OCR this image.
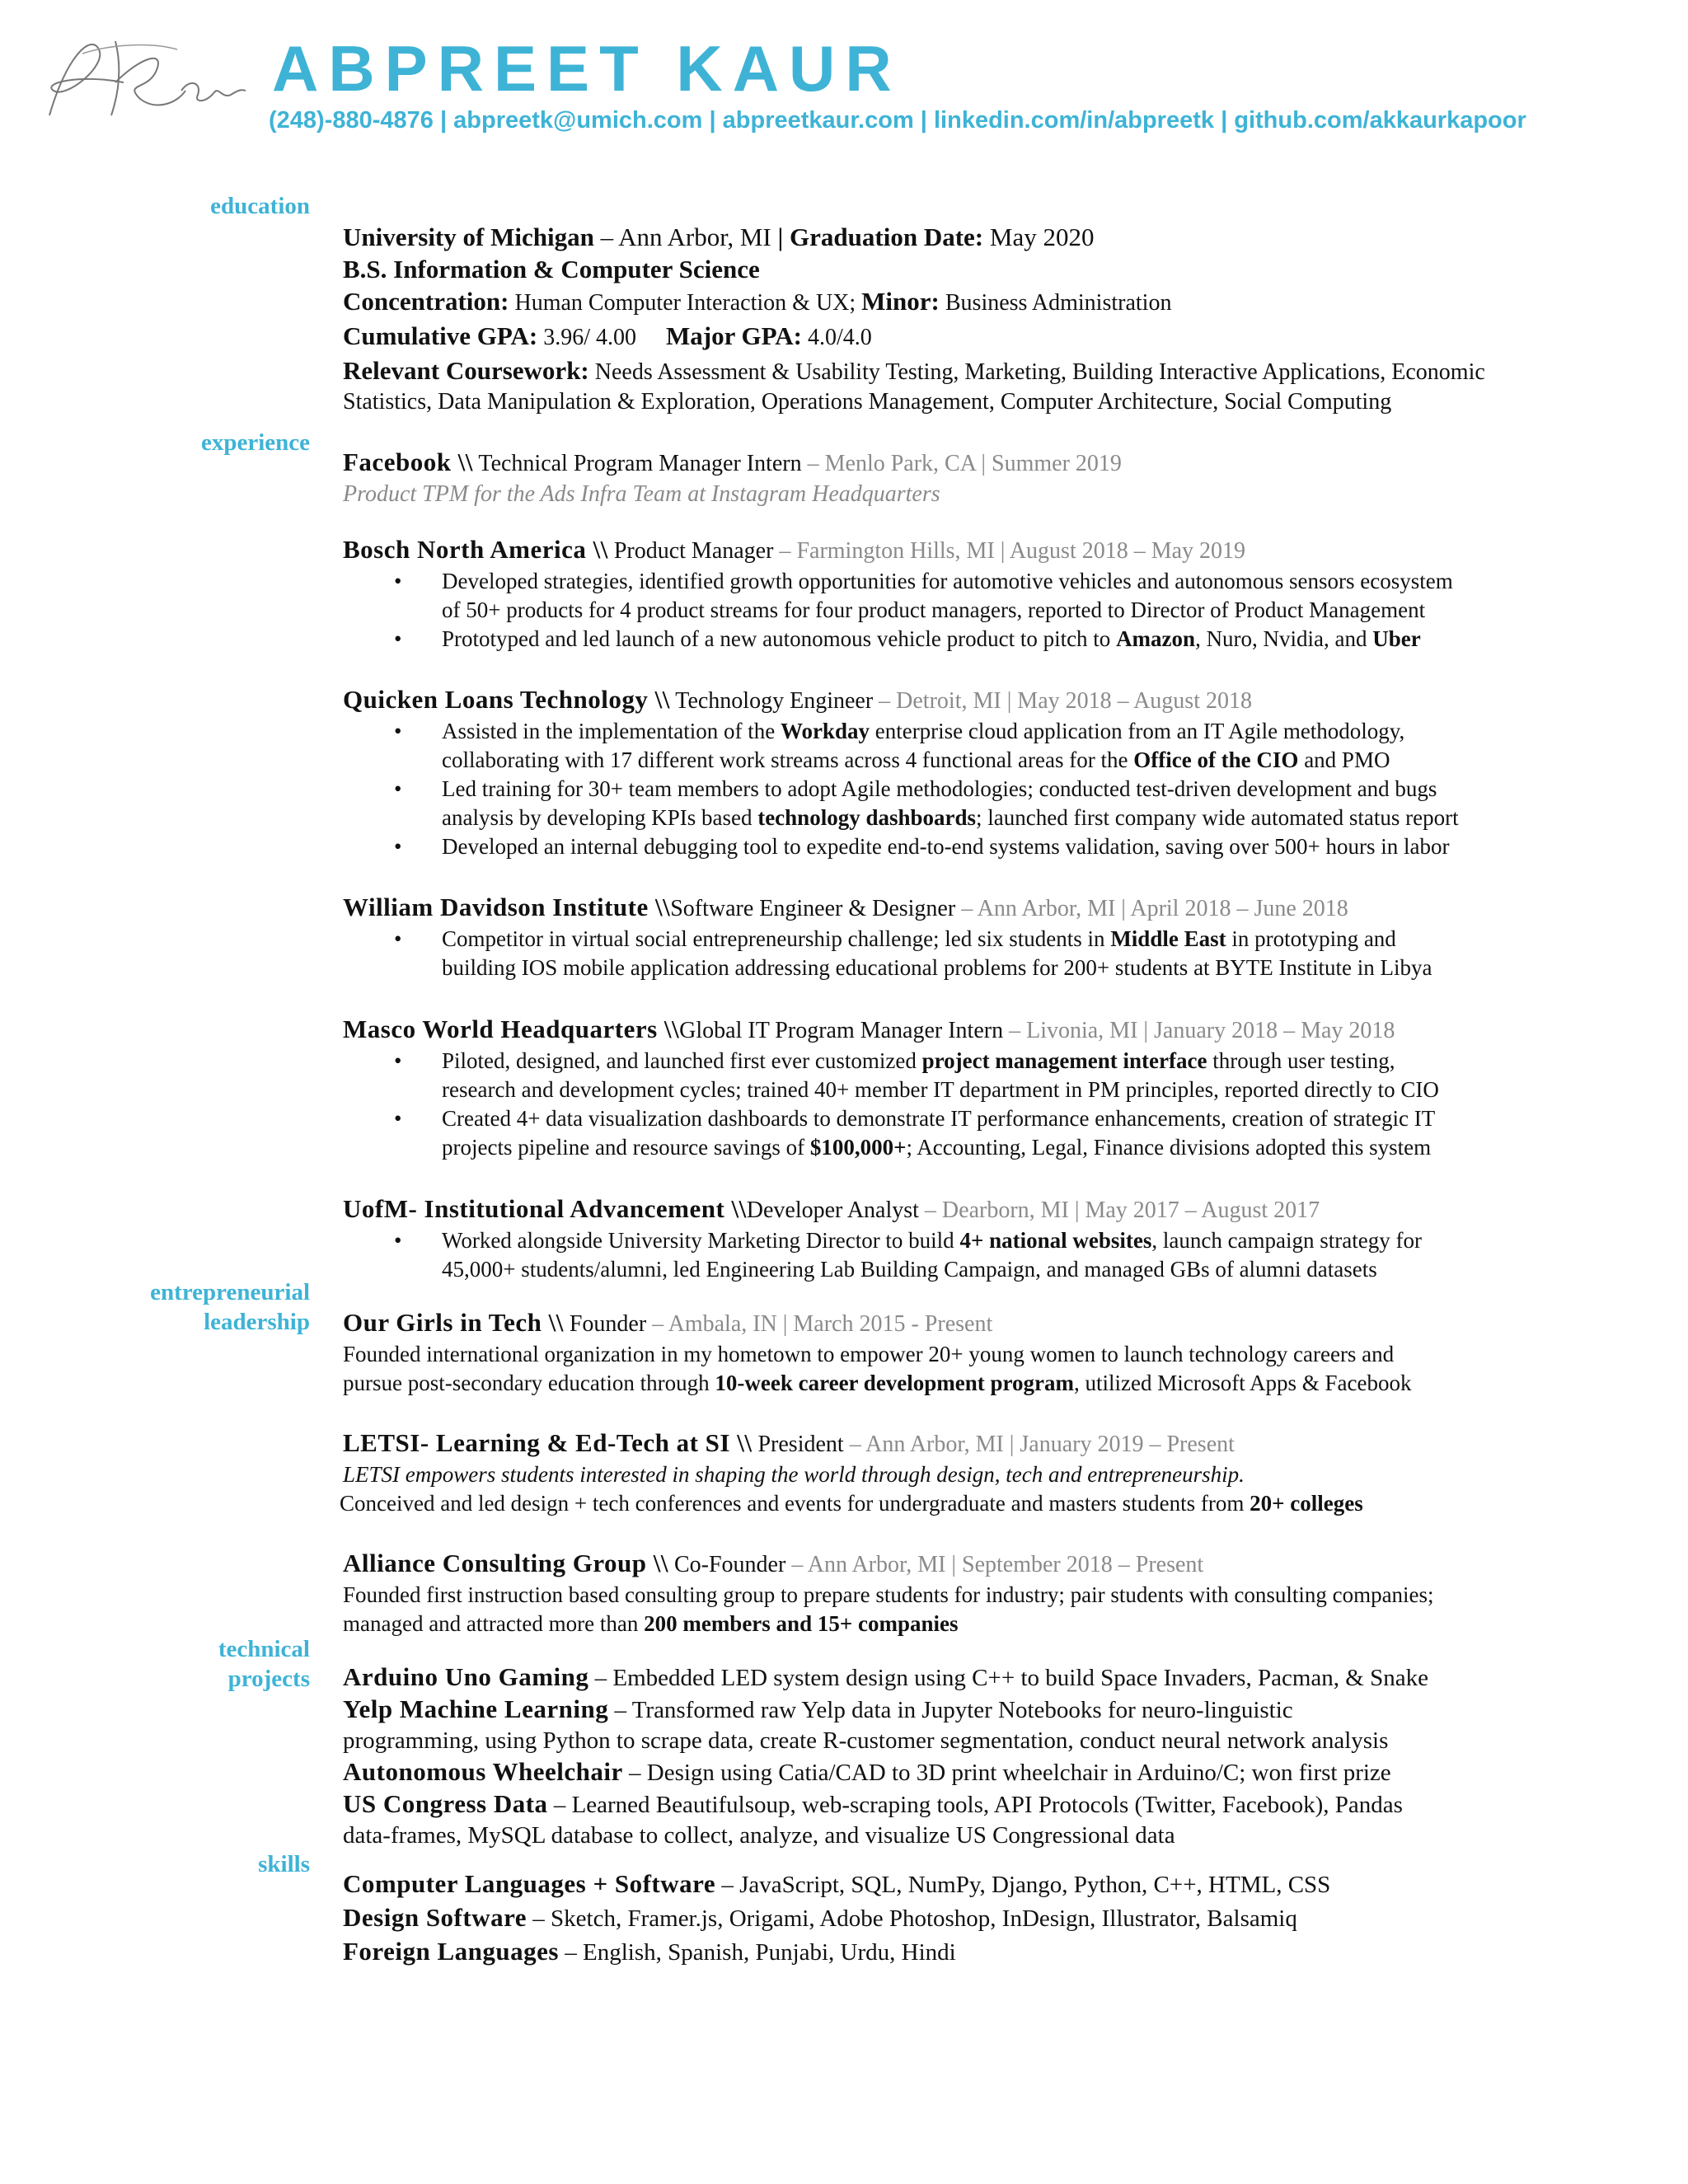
ABPREET KAUR
(248)-880-4876 | abpreetk@umich.com | abpreetkaur.com | linkedin.com/in/abpreetk | github.com/akkaurkapoor
education
experience
entrepreneurial
leadership
technical
projects
skills
University of Michigan – Ann Arbor, MI | Graduation Date: May 2020
B.S. Information & Computer Science
Concentration: Human Computer Interaction & UX; Minor: Business Administration
Cumulative GPA: 3.96/ 4.00 Major GPA: 4.0/4.0
Relevant Coursework: Needs Assessment & Usability Testing, Marketing, Building Interactive Applications, Economic
Statistics, Data Manipulation & Exploration, Operations Management, Computer Architecture, Social Computing
Facebook \\ Technical Program Manager Intern – Menlo Park, CA | Summer 2019
Product TPM for the Ads Infra Team at Instagram Headquarters
Bosch North America \\ Product Manager – Farmington Hills, MI | August 2018 – May 2019
• Developed strategies, identified growth opportunities for automotive vehicles and autonomous sensors ecosystem
of 50+ products for 4 product streams for four product managers, reported to Director of Product Management
• Prototyped and led launch of a new autonomous vehicle product to pitch to Amazon, Nuro, Nvidia, and Uber
Quicken Loans Technology \\ Technology Engineer – Detroit, MI | May 2018 – August 2018
• Assisted in the implementation of the Workday enterprise cloud application from an IT Agile methodology,
collaborating with 17 different work streams across 4 functional areas for the Office of the CIO and PMO
• Led training for 30+ team members to adopt Agile methodologies; conducted test-driven development and bugs
analysis by developing KPIs based technology dashboards; launched first company wide automated status report
• Developed an internal debugging tool to expedite end-to-end systems validation, saving over 500+ hours in labor
William Davidson Institute \\Software Engineer & Designer – Ann Arbor, MI | April 2018 – June 2018
• Competitor in virtual social entrepreneurship challenge; led six students in Middle East in prototyping and
building IOS mobile application addressing educational problems for 200+ students at BYTE Institute in Libya
Masco World Headquarters \\Global IT Program Manager Intern – Livonia, MI | January 2018 – May 2018
• Piloted, designed, and launched first ever customized project management interface through user testing,
research and development cycles; trained 40+ member IT department in PM principles, reported directly to CIO
• Created 4+ data visualization dashboards to demonstrate IT performance enhancements, creation of strategic IT
projects pipeline and resource savings of $100,000+; Accounting, Legal, Finance divisions adopted this system
UofM- Institutional Advancement \\Developer Analyst – Dearborn, MI | May 2017 – August 2017
• Worked alongside University Marketing Director to build 4+ national websites, launch campaign strategy for
45,000+ students/alumni, led Engineering Lab Building Campaign, and managed GBs of alumni datasets
Our Girls in Tech \\ Founder – Ambala, IN | March 2015 - Present
Founded international organization in my hometown to empower 20+ young women to launch technology careers and
pursue post-secondary education through 10-week career development program, utilized Microsoft Apps & Facebook
LETSI- Learning & Ed-Tech at SI \\ President – Ann Arbor, MI | January 2019 – Present
LETSI empowers students interested in shaping the world through design, tech and entrepreneurship.
Conceived and led design + tech conferences and events for undergraduate and masters students from 20+ colleges
Alliance Consulting Group \\ Co-Founder – Ann Arbor, MI | September 2018 – Present
Founded first instruction based consulting group to prepare students for industry; pair students with consulting companies;
managed and attracted more than 200 members and 15+ companies
Arduino Uno Gaming – Embedded LED system design using C++ to build Space Invaders, Pacman, & Snake
Yelp Machine Learning – Transformed raw Yelp data in Jupyter Notebooks for neuro-linguistic
programming, using Python to scrape data, create R-customer segmentation, conduct neural network analysis
Autonomous Wheelchair – Design using Catia/CAD to 3D print wheelchair in Arduino/C; won first prize
US Congress Data – Learned Beautifulsoup, web-scraping tools, API Protocols (Twitter, Facebook), Pandas
data-frames, MySQL database to collect, analyze, and visualize US Congressional data
Computer Languages + Software – JavaScript, SQL, NumPy, Django, Python, C++, HTML, CSS
Design Software – Sketch, Framer.js, Origami, Adobe Photoshop, InDesign, Illustrator, Balsamiq
Foreign Languages – English, Spanish, Punjabi, Urdu, Hindi
